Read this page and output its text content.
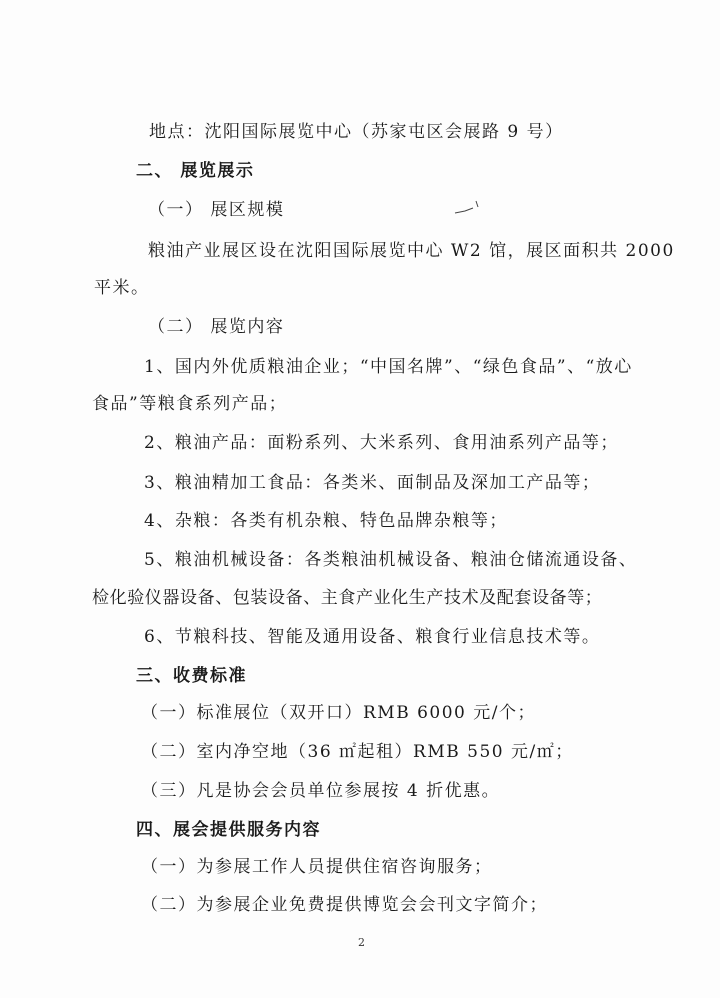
地点：沈阳国际展览中心（苏家屯区会展路 9 号）
二、 展览展示
（一） 展区规模
粮油产业展区设在沈阳国际展览中心 W2 馆，展区面积共 2000
平米。
（二） 展览内容
1、国内外优质粮油企业；“中国名牌”、“绿色食品”、“放心
食品”等粮食系列产品；
2、粮油产品：面粉系列、大米系列、食用油系列产品等；
3、粮油精加工食品：各类米、面制品及深加工产品等；
4、杂粮：各类有机杂粮、特色品牌杂粮等；
5、粮油机械设备：各类粮油机械设备、粮油仓储流通设备、
检化验仪器设备、包装设备、主食产业化生产技术及配套设备等；
6、节粮科技、智能及通用设备、粮食行业信息技术等。
三、收费标准
（一）标准展位（双开口）RMB 6000 元/个；
（二）室内净空地（36 ㎡起租）RMB 550 元/㎡；
（三）凡是协会会员单位参展按 4 折优惠。
四、展会提供服务内容
（一）为参展工作人员提供住宿咨询服务；
（二）为参展企业免费提供博览会会刊文字简介；
2
